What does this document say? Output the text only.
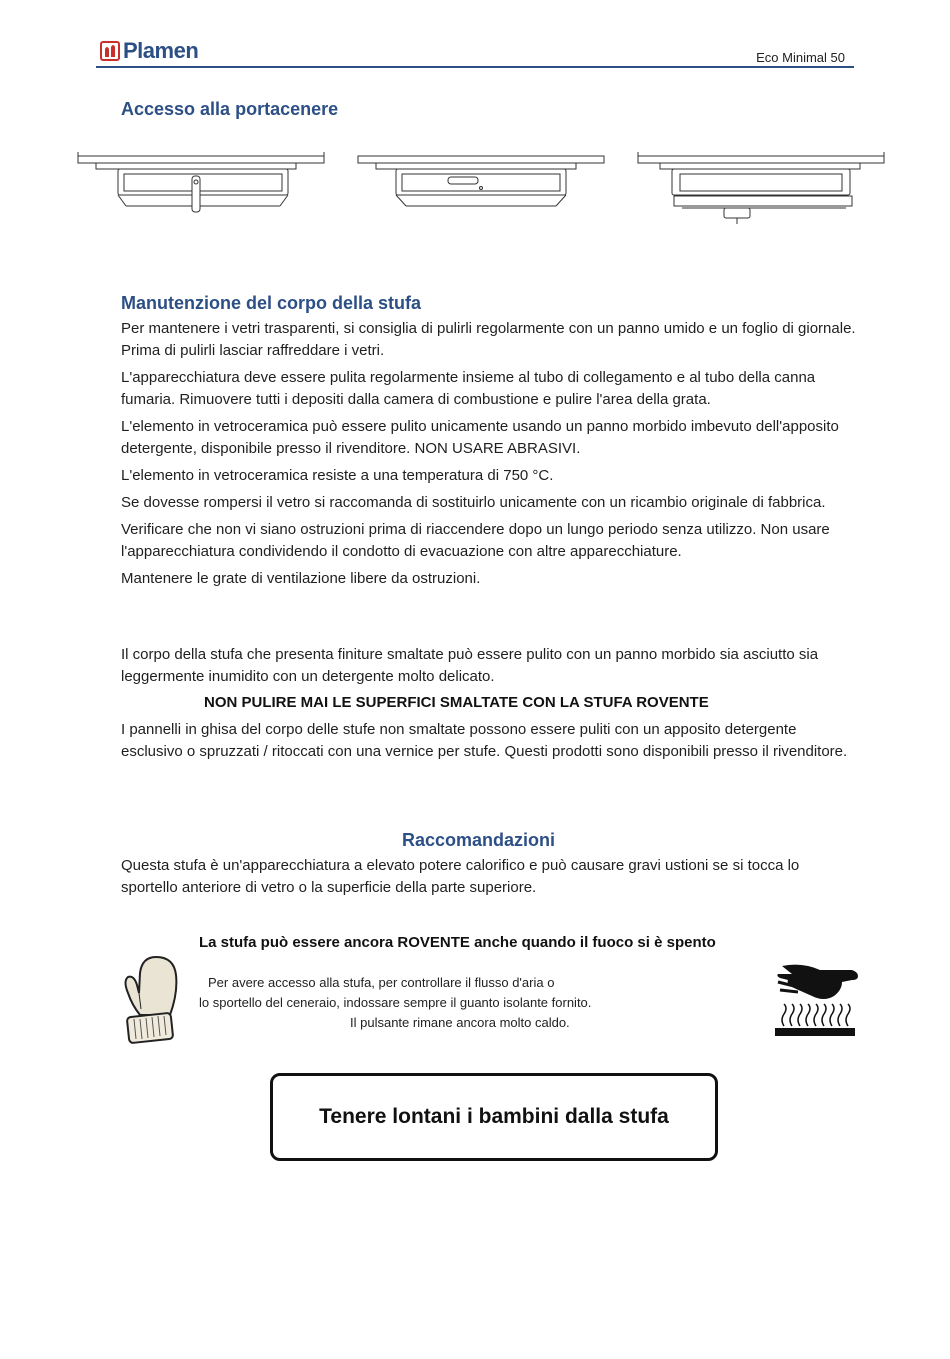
Plamen	Eco Minimal 50
Accesso alla portacenere
Manutenzione del corpo della stufa

Per mantenere i vetri trasparenti, si consiglia di pulirli regolarmente con un panno umido e un foglio di giornale. Prima di pulirli lasciar raffreddare i vetri.

L'apparecchiatura deve essere pulita regolarmente insieme al tubo di collegamento e al tubo della canna fumaria. Rimuovere tutti i depositi dalla camera di combustione e pulire l'area della grata.

L'elemento in vetroceramica può essere pulito unicamente usando un panno morbido imbevuto dell'apposito detergente, disponibile presso il rivenditore. NON USARE ABRASIVI.

L'elemento in vetroceramica resiste a una temperatura di 750 °C.

Se dovesse rompersi il vetro si raccomanda di sostituirlo unicamente con un ricambio originale di fabbrica.

Verificare che non vi siano ostruzioni prima di riaccendere dopo un lungo periodo senza utilizzo. Non usare l'apparecchiatura condividendo il condotto di evacuazione con altre apparecchiature.

Mantenere le grate di ventilazione libere da ostruzioni.

Il corpo della stufa che presenta finiture smaltate può essere pulito con un panno morbido sia asciutto sia leggermente inumidito con un detergente molto delicato.
NON PULIRE MAI LE SUPERFICI SMALTATE CON LA STUFA ROVENTE
I pannelli in ghisa del corpo delle stufe non smaltate possono essere puliti con un apposito detergente esclusivo o spruzzati / ritoccati con una vernice per stufe. Questi prodotti sono disponibili presso il rivenditore.
Raccomandazioni
Questa stufa è un'apparecchiatura a elevato potere calorifico e può causare gravi ustioni se si tocca lo sportello anteriore di vetro o la superficie della parte superiore.
La stufa può essere ancora ROVENTE anche quando il fuoco si è spento
Per avere accesso alla stufa, per controllare il flusso d'aria o
lo sportello del ceneraio, indossare sempre il guanto isolante fornito.
Il pulsante rimane ancora molto caldo.
Tenere lontani i bambini dalla stufa
